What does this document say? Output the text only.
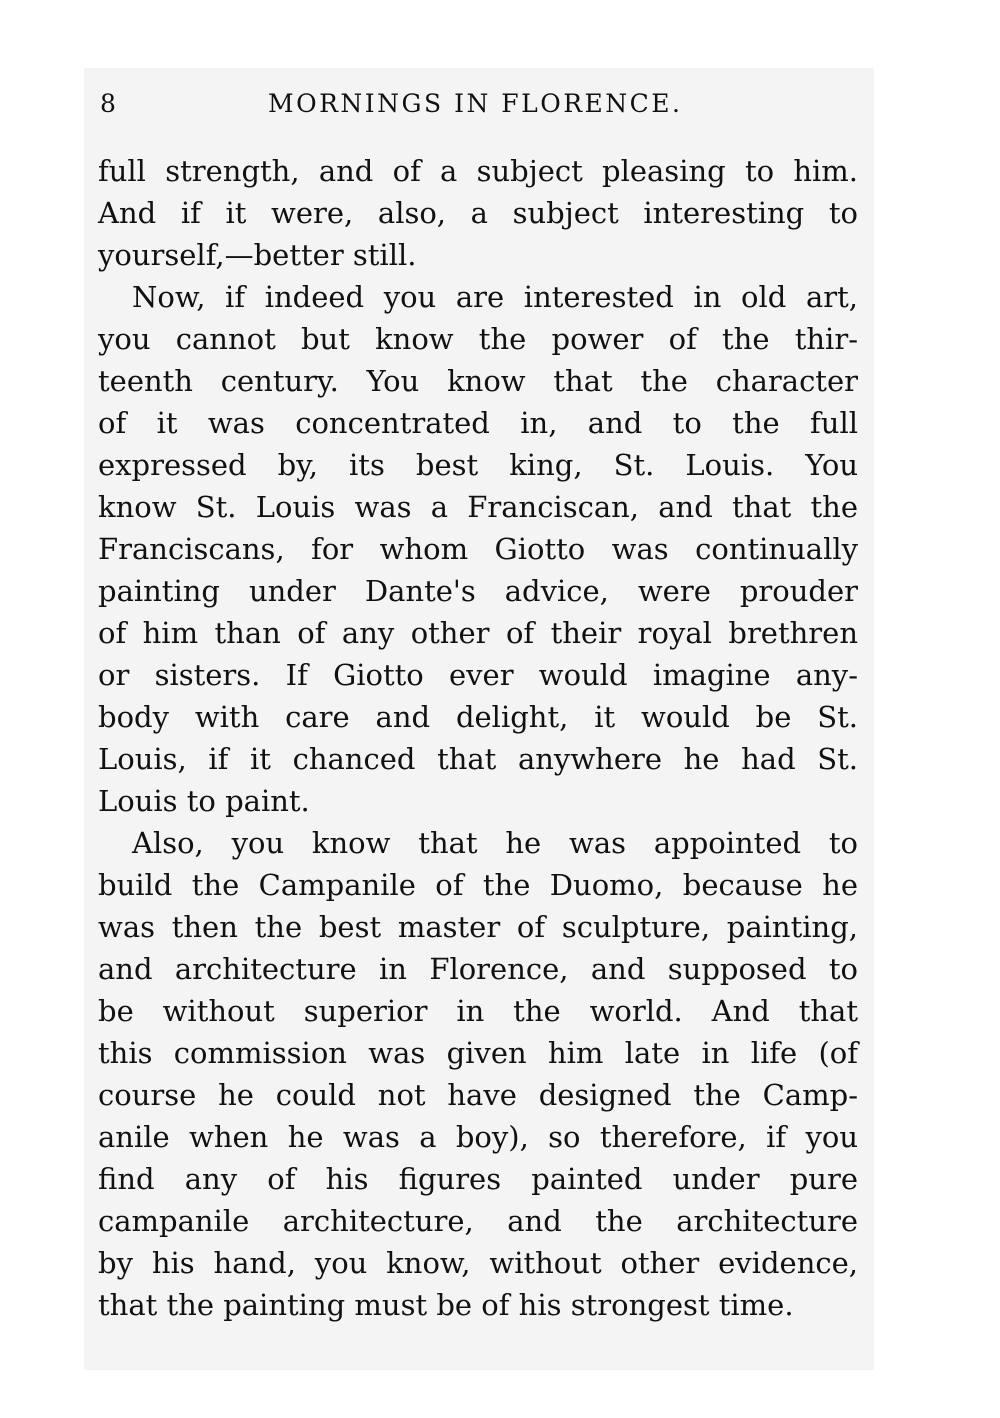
8	MORNINGS IN FLORENCE.
full strength, and of a subject pleasing to him.
And if it were, also, a subject interesting to
yourself,—better still.
Now, if indeed you are interested in old art,
you cannot but know the power of the thir-
teenth century. You know that the character
of it was concentrated in, and to the full
expressed by, its best king, St. Louis. You
know St. Louis was a Franciscan, and that the
Franciscans, for whom Giotto was continually
painting under Dante's advice, were prouder
of him than of any other of their royal brethren
or sisters. If Giotto ever would imagine any-
body with care and delight, it would be St.
Louis, if it chanced that anywhere he had St.
Louis to paint.
Also, you know that he was appointed to
build the Campanile of the Duomo, because he
was then the best master of sculpture, painting,
and architecture in Florence, and supposed to
be without superior in the world. And that
this commission was given him late in life (of
course he could not have designed the Camp-
anile when he was a boy), so therefore, if you
find any of his figures painted under pure
campanile architecture, and the architecture
by his hand, you know, without other evidence,
that the painting must be of his strongest time.
